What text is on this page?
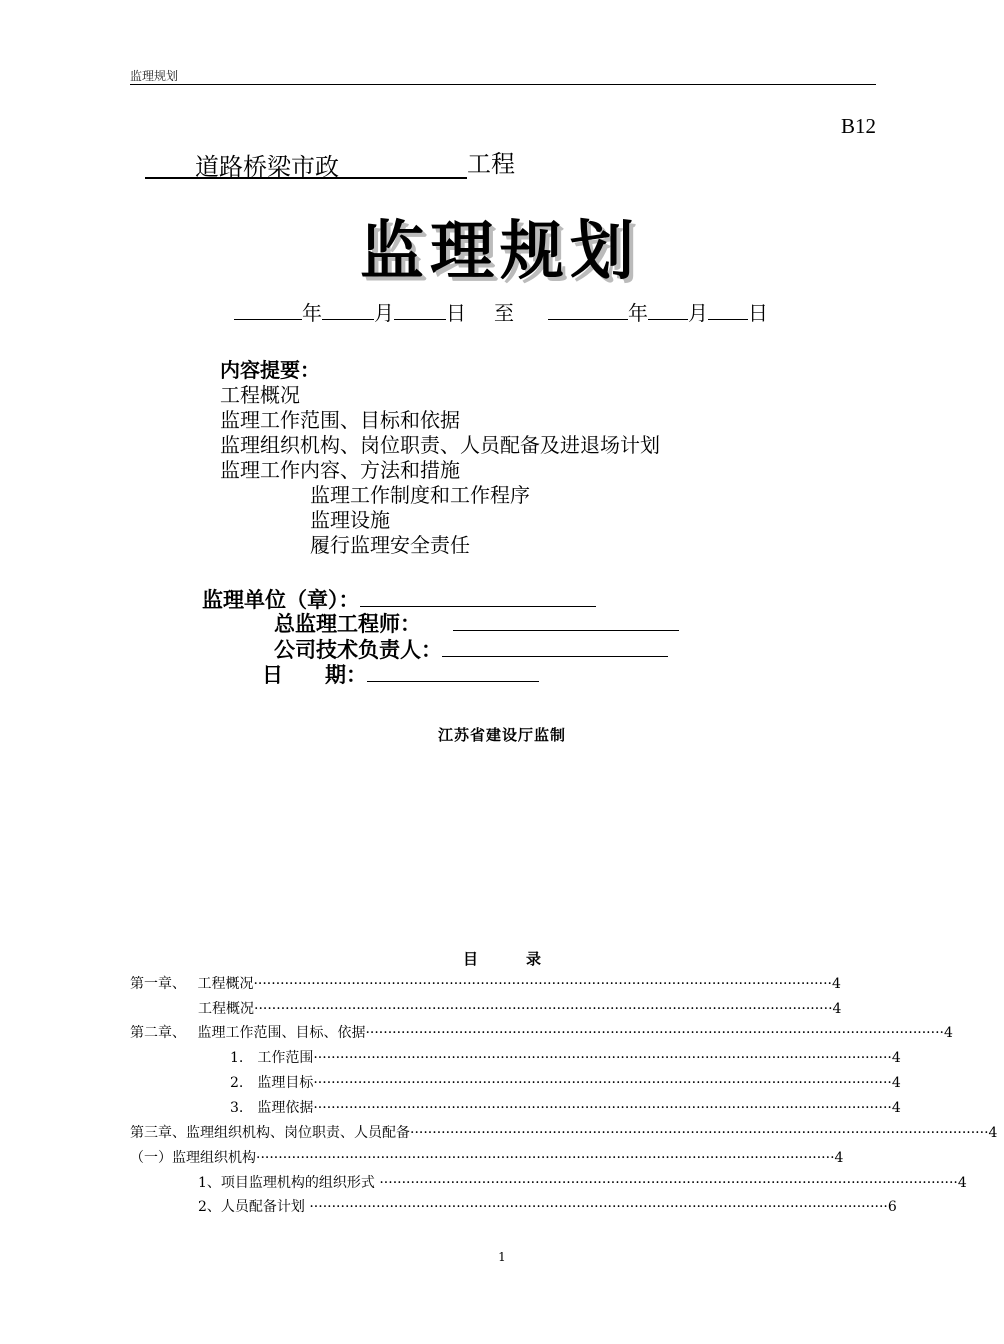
监理规划
B12
道路桥梁市政	工程
监理规划
年	月	日 至	年 月 日
内容提要：
工程概况
监理工作范围、目标和依据
监理组织机构、岗位职责、人员配备及进退场计划
监理工作内容、方法和措施
监理工作制度和工作程序
监理设施
履行监理安全责任
监理单位（章）：
总监理工程师：
公司技术负责人：
日　　期：
江苏省建设厅监制
目	录
第一章、　 工程概况 ·································································································································· 4
工程概况 ·································································································································· 4
第二章、　 监理工作范围、目标、依据 ·································································································································· 4
1.　工作范围 ·································································································································· 4
2.　监理目标 ·································································································································· 4
3.　监理依据 ·································································································································· 4
第三章、监理组织机构、岗位职责、人员配备 ·································································································································· 4
（一）监理组织机构 ·································································································································· 4
1、项目监理机构的组织形式 ·································································································································· 4
2、人员配备计划 ·································································································································· 6
1
